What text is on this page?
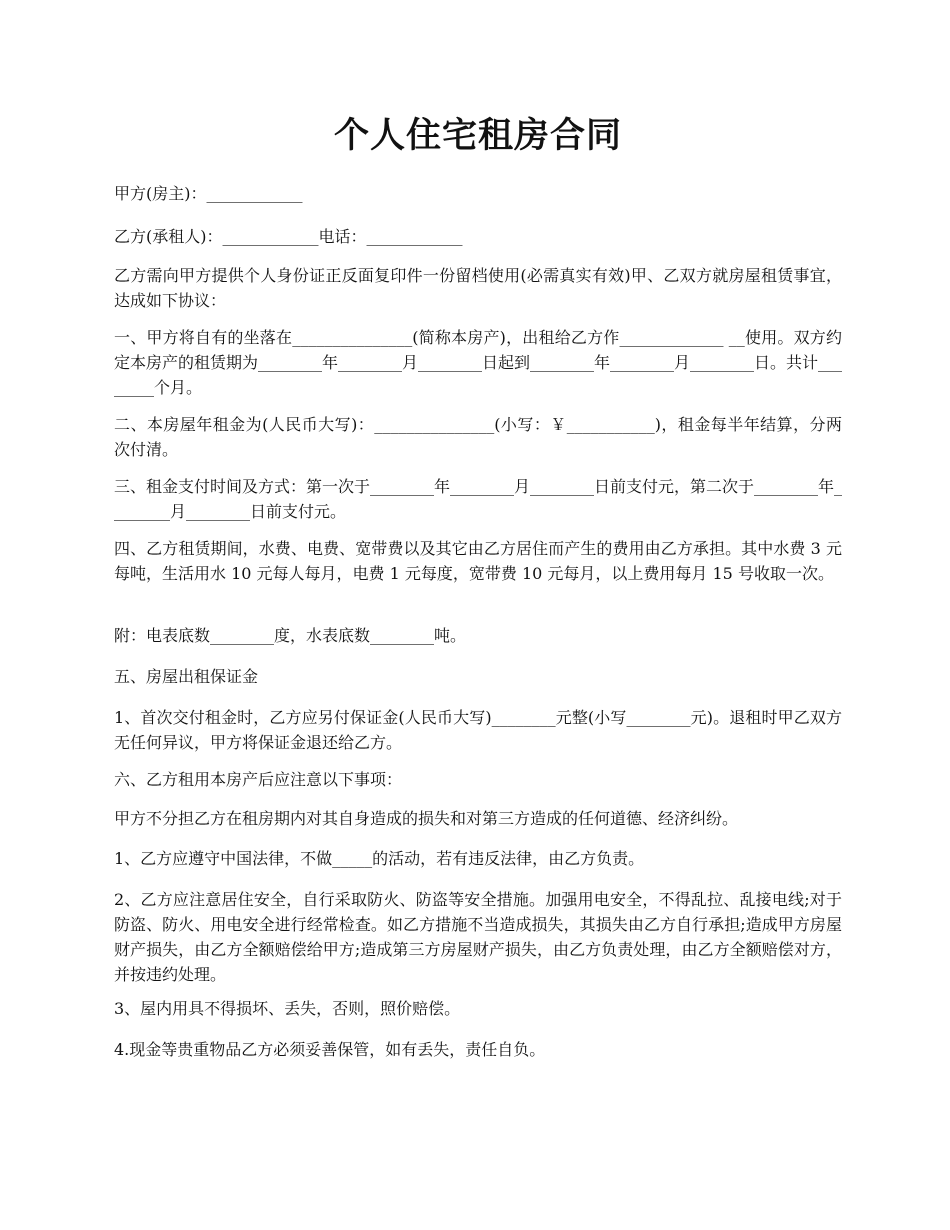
个人住宅租房合同

甲方(房主)：____________

乙方(承租人)：____________电话：____________

乙方需向甲方提供个人身份证正反面复印件一份留档使用(必需真实有效)甲、乙双方就房屋租赁事宜，达成如下协议：

一、甲方将自有的坐落在_______________(简称本房产)，出租给乙方作_____________ __使用。双方约定本房产的租赁期为________年________月________日起到________年________月________日。共计________个月。

二、本房屋年租金为(人民币大写)：_______________(小写：￥___________)，租金每半年结算，分两次付清。

三、租金支付时间及方式：第一次于________年________月________日前支付元，第二次于________年________月________日前支付元。

四、乙方租赁期间，水费、电费、宽带费以及其它由乙方居住而产生的费用由乙方承担。其中水费 3 元每吨，生活用水 10 元每人每月，电费 1 元每度，宽带费 10 元每月，以上费用每月 15 号收取一次。

附：电表底数________度，水表底数________吨。

五、房屋出租保证金

1、首次交付租金时，乙方应另付保证金(人民币大写)________元整(小写________元)。退租时甲乙双方无任何异议，甲方将保证金退还给乙方。

六、乙方租用本房产后应注意以下事项：

甲方不分担乙方在租房期内对其自身造成的损失和对第三方造成的任何道德、经济纠纷。

1、乙方应遵守中国法律，不做_____的活动，若有违反法律，由乙方负责。

2、乙方应注意居住安全，自行采取防火、防盗等安全措施。加强用电安全，不得乱拉、乱接电线;对于防盗、防火、用电安全进行经常检查。如乙方措施不当造成损失，其损失由乙方自行承担;造成甲方房屋财产损失，由乙方全额赔偿给甲方;造成第三方房屋财产损失，由乙方负责处理，由乙方全额赔偿对方，并按违约处理。

3、屋内用具不得损坏、丢失，否则，照价赔偿。

4.现金等贵重物品乙方必须妥善保管，如有丢失，责任自负。
